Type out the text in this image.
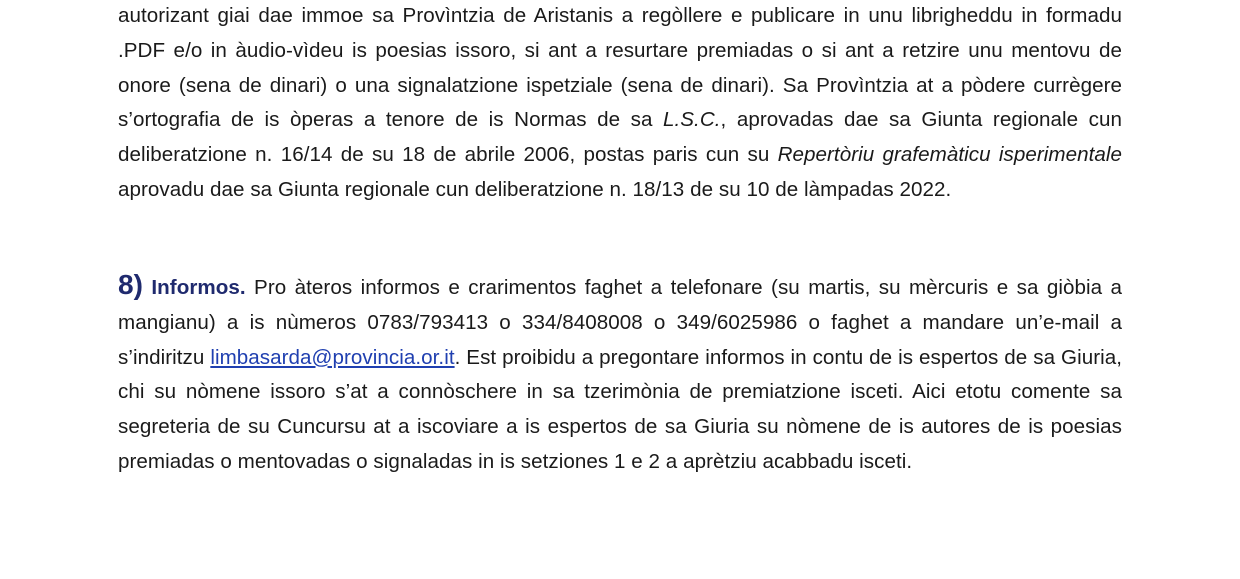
autorizant giai dae immoe sa Provìntzia de Aristanis a regòllere e publicare in unu librigheddu in formadu .PDF e/o in àudio-vìdeu is poesias issoro, si ant a resurtare premiadas o si ant a retzire unu mentovu de onore (sena de dinari) o una signalatzione ispetziale (sena de dinari). Sa Provìntzia at a pòdere currègere s’ortografia de is òperas a tenore de is Normas de sa L.S.C., aprovadas dae sa Giunta regionale cun deliberatzione n. 16/14 de su 18 de abrile 2006, postas paris cun su Repertòriu grafemàticu isperimentale aprovadu dae sa Giunta regionale cun deliberatzione n. 18/13 de su 10 de làmpadas 2022.

8) Informos. Pro àteros informos e crarimentos faghet a telefonare (su martis, su mèrcuris e sa giòbia a mangianu) a is nùmeros 0783/793413 o 334/8408008 o 349/6025986 o faghet a mandare un’e-mail a s’indiritzu limbasarda@provincia.or.it. Est proibidu a pregontare informos in contu de is espertos de sa Giuria, chi su nòmene issoro s’at a connòschere in sa tzerimònia de premiatzione isceti. Aici etotu comente sa segreteria de su Cuncursu at a iscoviare a is espertos de sa Giuria su nòmene de is autores de is poesias premiadas o mentovadas o signaladas in is setziones 1 e 2 a aprètziu acabbadu isceti.
